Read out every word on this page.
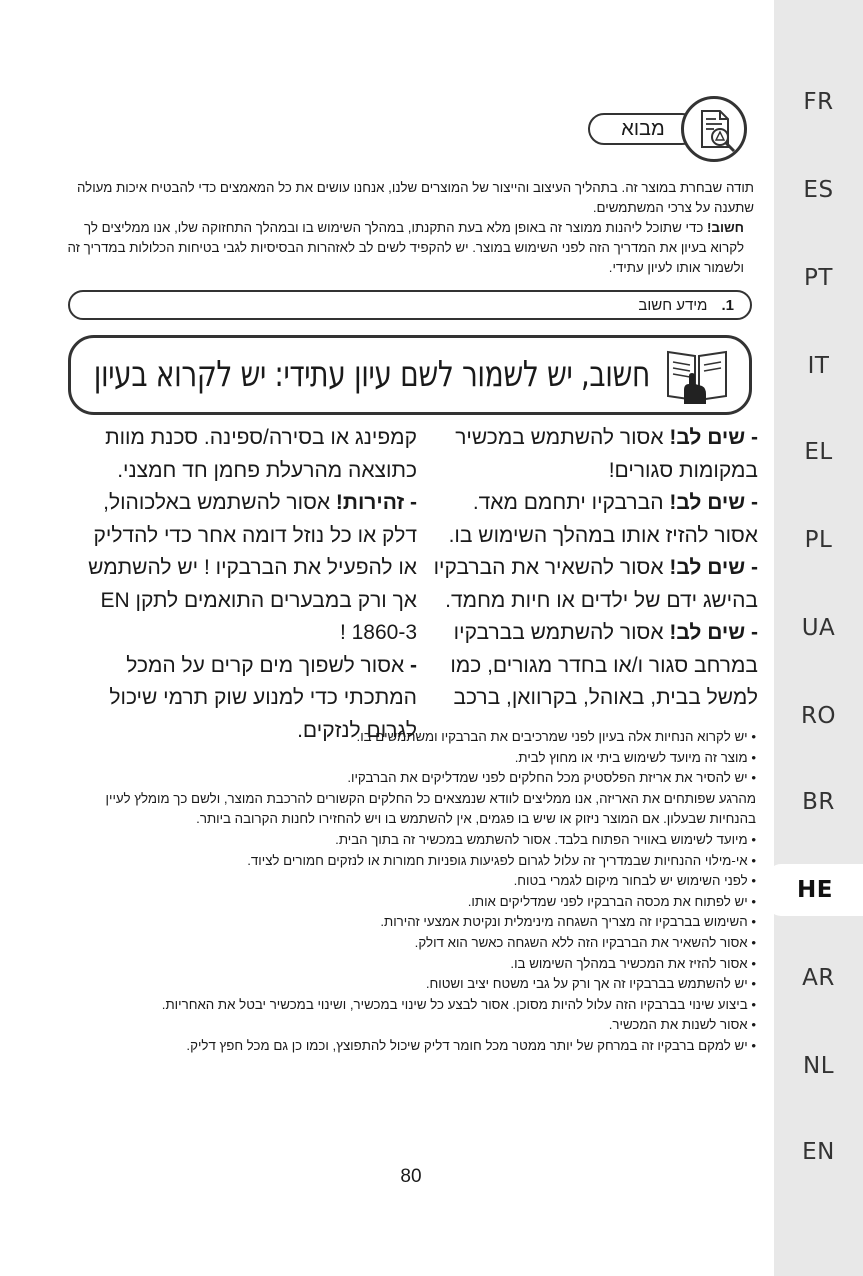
FR
ES
PT
IT
EL
PL
UA
RO
BR
HE
AR
NL
EN
מבוא

תודה שבחרת במוצר זה. בתהליך העיצוב והייצור של המוצרים שלנו, אנחנו עושים את כל המאמצים כדי להבטיח איכות מעולה שתענה על צרכי המשתמשים.

חשוב! כדי שתוכל ליהנות ממוצר זה באופן מלא בעת התקנתו, במהלך השימוש בו ובמהלך התחזוקה שלו, אנו ממליצים לך לקרוא בעיון את המדריך הזה לפני השימוש במוצר. יש להקפיד לשים לב לאזהרות הבסיסיות לגבי בטיחות הכלולות במדריך זה ולשמור אותו לעיון עתידי.

1.
מידע חשוב
חשוב, יש לשמור לשם עיון עתידי: יש לקרוא בעיון

- שים לב! אסור להשתמש במכשיר במקומות סגורים!

- שים לב! הברבקיו יתחמם מאד. אסור להזיז אותו במהלך השימוש בו.

- שים לב! אסור להשאיר את הברבקיו בהישג ידם של ילדים או חיות מחמד.

- שים לב! אסור להשתמש בברבקיו במרחב סגור ו/או בחדר מגורים, כמו למשל בבית, באוהל, בקרוואן, ברכב

קמפינג או בסירה/ספינה. סכנת מוות כתוצאה מהרעלת פחמן חד חמצני.

- זהירות! אסור להשתמש באלכוהול, דלק או כל נוזל דומה אחר כדי להדליק או להפעיל את הברבקיו ! יש להשתמש אך ורק במבערים התואמים לתקן EN 1860-3 !

- אסור לשפוך מים קרים על המכל המתכתי כדי למנוע שוק תרמי שיכול לגרום לנזקים.

• יש לקרוא הנחיות אלה בעיון לפני שמרכיבים את הברבקיו ומשתמשים בו.

• מוצר זה מיועד לשימוש ביתי או מחוץ לבית.

• יש להסיר את אריזת הפלסטיק מכל החלקים לפני שמדליקים את הברבקיו.

מהרגע שפותחים את האריזה, אנו ממליצים לוודא שנמצאים כל החלקים הקשורים להרכבת המוצר, ולשם כך מומלץ לעיין בהנחיות שבעלון. אם המוצר ניזוק או שיש בו פגמים, אין להשתמש בו ויש להחזירו לחנות הקרובה ביותר.

• מיועד לשימוש באוויר הפתוח בלבד. אסור להשתמש במכשיר זה בתוך הבית.

• אי-מילוי ההנחיות שבמדריך זה עלול לגרום לפגיעות גופניות חמורות או לנזקים חמורים לציוד.

• לפני השימוש יש לבחור מיקום לגמרי בטוח.

• יש לפתוח את מכסה הברבקיו לפני שמדליקים אותו.

• השימוש בברבקיו זה מצריך השגחה מינימלית ונקיטת אמצעי זהירות.

• אסור להשאיר את הברבקיו הזה ללא השגחה כאשר הוא דולק.

• אסור להזיז את המכשיר במהלך השימוש בו.

• יש להשתמש בברבקיו זה אך ורק על גבי משטח יציב ושטוח.

• ביצוע שינוי בברבקיו הזה עלול להיות מסוכן. אסור לבצע כל שינוי במכשיר, ושינוי במכשיר יבטל את האחריות.

• אסור לשנות את המכשיר.

• יש למקם ברבקיו זה במרחק של יותר ממטר מכל חומר דליק שיכול להתפוצץ, וכמו כן גם מכל חפץ דליק.

80
